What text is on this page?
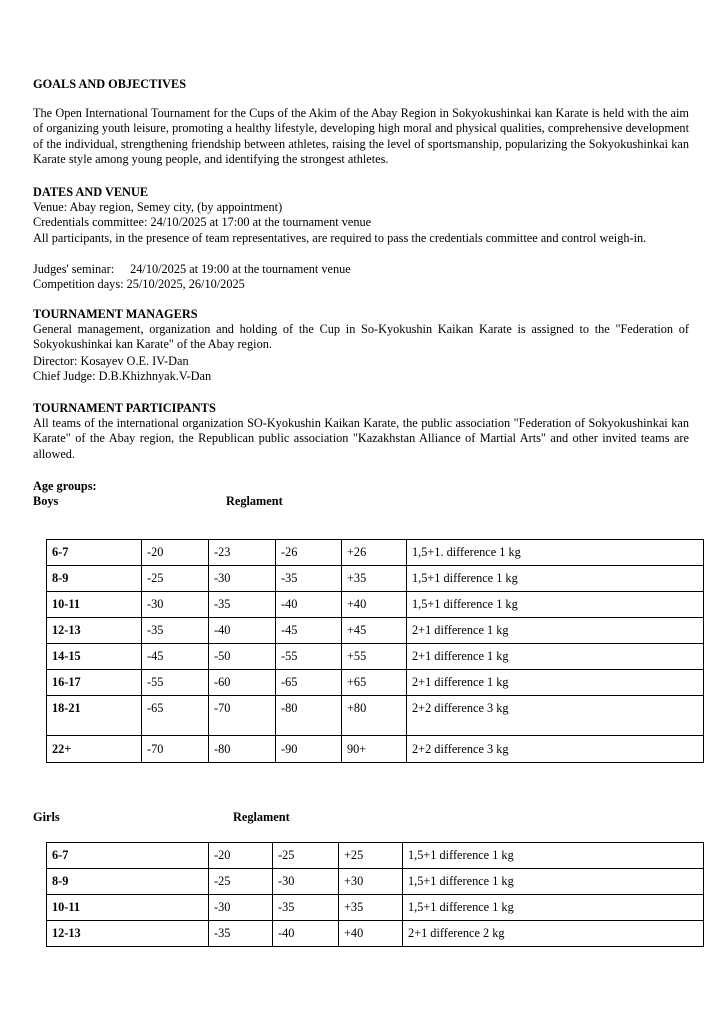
GOALS AND OBJECTIVES
The Open International Tournament for the Cups of the Akim of the Abay Region in Sokyokushinkai kan Karate is held with the aim of organizing youth leisure, promoting a healthy lifestyle, developing high moral and physical qualities, comprehensive development of the individual, strengthening friendship between athletes, raising the level of sportsmanship, popularizing the Sokyokushinkai kan Karate style among young people, and identifying the strongest athletes.
DATES AND VENUE
Venue: Abay region, Semey city, (by appointment)
Credentials committee: 24/10/2025 at 17:00 at the tournament venue
All participants, in the presence of team representatives, are required to pass the credentials committee and control weigh-in.
Judges' seminar: 24/10/2025 at 19:00 at the tournament venue
Competition days: 25/10/2025, 26/10/2025
TOURNAMENT MANAGERS
General management, organization and holding of the Cup in So-Kyokushin Kaikan Karate is assigned to the "Federation of Sokyokushinkai kan Karate" of the Abay region.
Director: Kosayev O.E. IV-Dan
Chief Judge: D.B.Khizhnyak.V-Dan
TOURNAMENT PARTICIPANTS
All teams of the international organization SO-Kyokushin Kaikan Karate, the public association "Federation of Sokyokushinkai kan Karate" of the Abay region, the Republican public association "Kazakhstan Alliance of Martial Arts" and other invited teams are allowed.
Age groups:
Boys	Reglament
6-7	-20	-23	-26	+26	1,5+1. difference 1 kg
8-9	-25	-30	-35	+35	1,5+1 difference 1 kg
10-11	-30	-35	-40	+40	1,5+1 difference 1 kg
12-13	-35	-40	-45	+45	2+1 difference 1 kg
14-15	-45	-50	-55	+55	2+1 difference 1 kg
16-17	-55	-60	-65	+65	2+1 difference 1 kg
18-21	-65	-70	-80	+80	2+2 difference 3 kg
22+	-70	-80	-90	90+	2+2 difference 3 kg
Girls	Reglament
6-7	-20	-25	+25	1,5+1 difference 1 kg
8-9	-25	-30	+30	1,5+1 difference 1 kg
10-11	-30	-35	+35	1,5+1 difference 1 kg
12-13	-35	-40	+40	2+1 difference 2 kg
